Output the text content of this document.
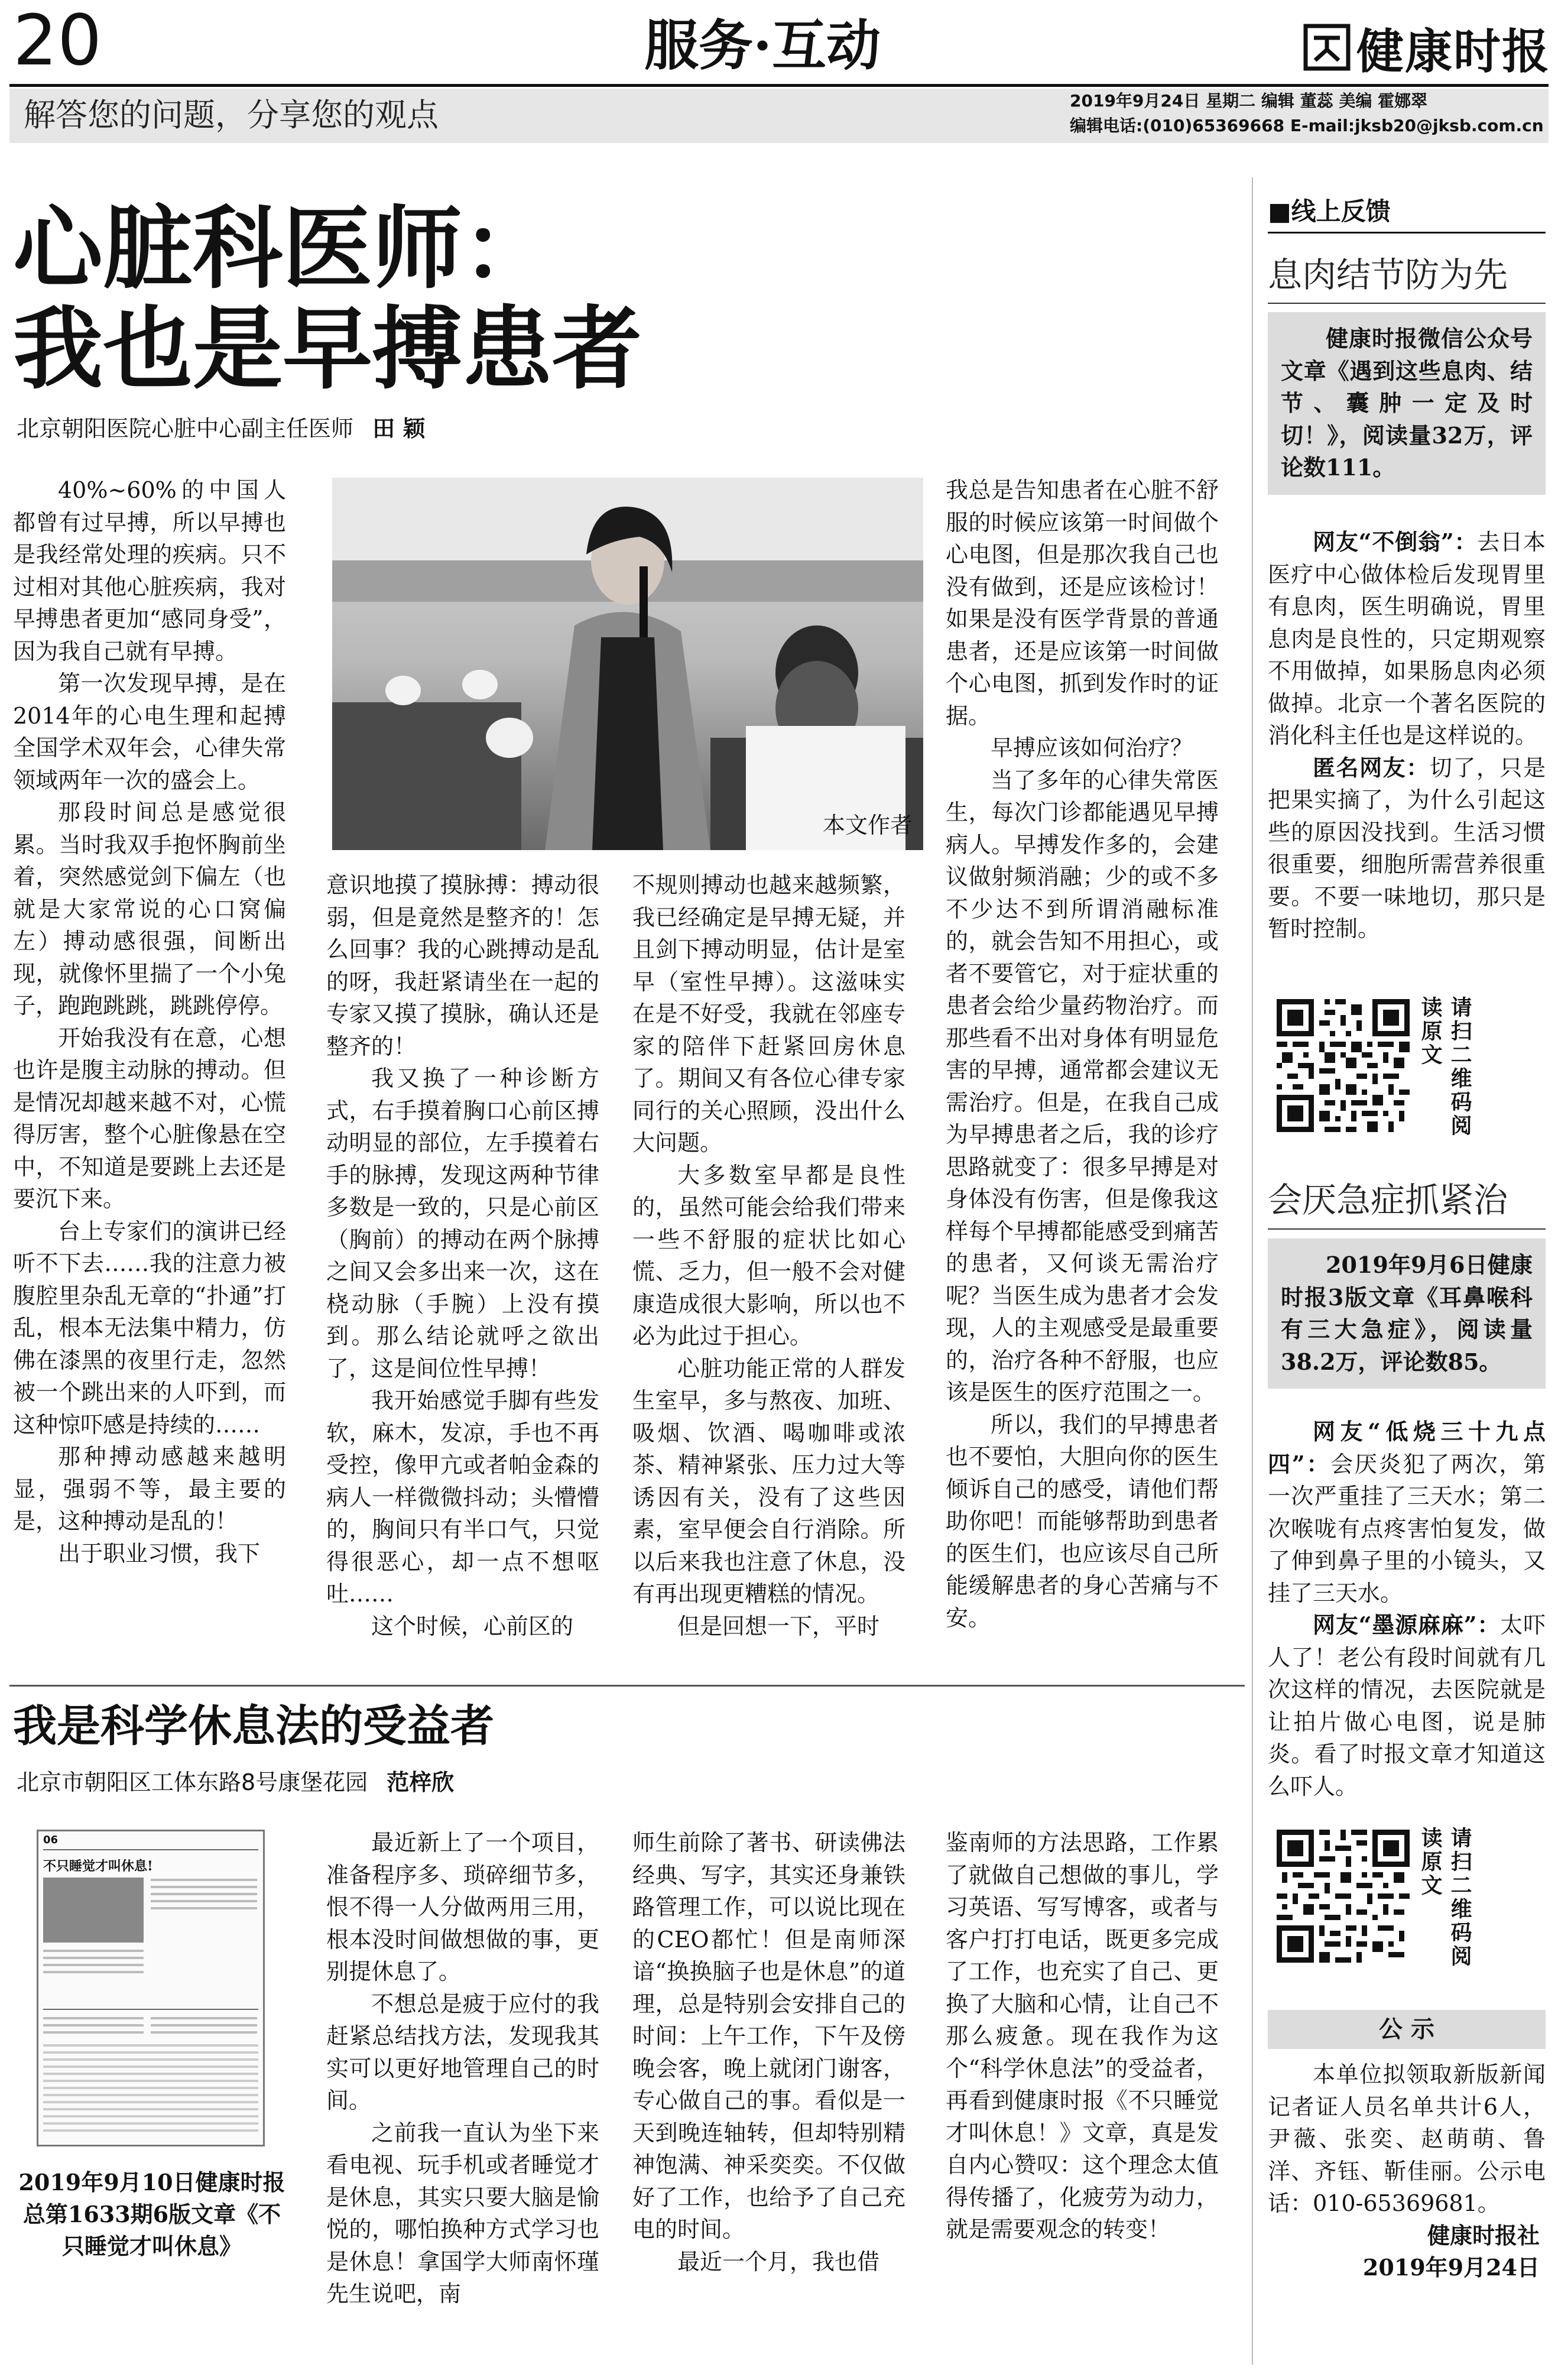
20	服务·互动	健康时报
解答您的问题，分享您的观点	2019年9月24日 星期二 编辑 董蕊 美编 霍娜翠
编辑电话:(010)65369668 E-mail:jksb20@jksb.com.cn
心脏科医师：
我也是早搏患者
北京朝阳医院心脏中心副主任医师 田 颖
本文作者

40%~60%的中国人都曾有过早搏，所以早搏也是我经常处理的疾病。只不过相对其他心脏疾病，我对早搏患者更加“感同身受”，因为我自己就有早搏。

第一次发现早搏，是在2014年的心电生理和起搏全国学术双年会，心律失常领域两年一次的盛会上。

那段时间总是感觉很累。当时我双手抱怀胸前坐着，突然感觉剑下偏左（也就是大家常说的心口窝偏左）搏动感很强，间断出现，就像怀里揣了一个小兔子，跑跑跳跳，跳跳停停。

开始我没有在意，心想也许是腹主动脉的搏动。但是情况却越来越不对，心慌得厉害，整个心脏像悬在空中，不知道是要跳上去还是要沉下来。

台上专家们的演讲已经听不下去……我的注意力被腹腔里杂乱无章的“扑通”打乱，根本无法集中精力，仿佛在漆黑的夜里行走，忽然被一个跳出来的人吓到，而这种惊吓感是持续的……

那种搏动感越来越明显，强弱不等，最主要的是，这种搏动是乱的！

出于职业习惯，我下

意识地摸了摸脉搏：搏动很弱，但是竟然是整齐的！怎么回事？我的心跳搏动是乱的呀，我赶紧请坐在一起的专家又摸了摸脉，确认还是整齐的！

我又换了一种诊断方式，右手摸着胸口心前区搏动明显的部位，左手摸着右手的脉搏，发现这两种节律多数是一致的，只是心前区（胸前）的搏动在两个脉搏之间又会多出来一次，这在桡动脉（手腕）上没有摸到。那么结论就呼之欲出了，这是间位性早搏！

我开始感觉手脚有些发软，麻木，发凉，手也不再受控，像甲亢或者帕金森的病人一样微微抖动；头懵懵的，胸间只有半口气，只觉得很恶心，却一点不想呕吐……

这个时候，心前区的

不规则搏动也越来越频繁，我已经确定是早搏无疑，并且剑下搏动明显，估计是室早（室性早搏）。这滋味实在是不好受，我就在邻座专家的陪伴下赶紧回房休息了。期间又有各位心律专家同行的关心照顾，没出什么大问题。

大多数室早都是良性的，虽然可能会给我们带来一些不舒服的症状比如心慌、乏力，但一般不会对健康造成很大影响，所以也不必为此过于担心。

心脏功能正常的人群发生室早，多与熬夜、加班、吸烟、饮酒、喝咖啡或浓茶、精神紧张、压力过大等诱因有关，没有了这些因素，室早便会自行消除。所以后来我也注意了休息，没有再出现更糟糕的情况。

但是回想一下，平时

我总是告知患者在心脏不舒服的时候应该第一时间做个心电图，但是那次我自己也没有做到，还是应该检讨！如果是没有医学背景的普通患者，还是应该第一时间做个心电图，抓到发作时的证据。

早搏应该如何治疗？

当了多年的心律失常医生，每次门诊都能遇见早搏病人。早搏发作多的，会建议做射频消融；少的或不多不少达不到所谓消融标准的，就会告知不用担心，或者不要管它，对于症状重的患者会给少量药物治疗。而那些看不出对身体有明显危害的早搏，通常都会建议无需治疗。但是，在我自己成为早搏患者之后，我的诊疗思路就变了：很多早搏是对身体没有伤害，但是像我这样每个早搏都能感受到痛苦的患者，又何谈无需治疗呢？当医生成为患者才会发现，人的主观感受是最重要的，治疗各种不舒服，也应该是医生的医疗范围之一。

所以，我们的早搏患者也不要怕，大胆向你的医生倾诉自己的感受，请他们帮助你吧！而能够帮助到患者的医生们，也应该尽自己所能缓解患者的身心苦痛与不安。

我是科学休息法的受益者
北京市朝阳区工体东路8号康堡花园 范梓欣
06
不只睡觉才叫休息!
2019年9月10日健康时报总第1633期6版文章《不只睡觉才叫休息》

最近新上了一个项目，准备程序多、琐碎细节多，恨不得一人分做两用三用，根本没时间做想做的事，更别提休息了。

不想总是疲于应付的我赶紧总结找方法，发现我其实可以更好地管理自己的时间。

之前我一直认为坐下来看电视、玩手机或者睡觉才是休息，其实只要大脑是愉悦的，哪怕换种方式学习也是休息！拿国学大师南怀瑾先生说吧，南

师生前除了著书、研读佛法经典、写字，其实还身兼铁路管理工作，可以说比现在的CEO都忙！但是南师深谙“换换脑子也是休息”的道理，总是特别会安排自己的时间：上午工作，下午及傍晚会客，晚上就闭门谢客，专心做自己的事。看似是一天到晚连轴转，但却特别精神饱满、神采奕奕。不仅做好了工作，也给予了自己充电的时间。

最近一个月，我也借

鉴南师的方法思路，工作累了就做自己想做的事儿，学习英语、写写博客，或者与客户打打电话，既更多完成了工作，也充实了自己、更换了大脑和心情，让自己不那么疲惫。现在我作为这个“科学休息法”的受益者，再看到健康时报《不只睡觉才叫休息！》文章，真是发自内心赞叹：这个理念太值得传播了，化疲劳为动力，就是需要观念的转变！

■线上反馈
息肉结节防为先

健康时报微信公众号文章《遇到这些息肉、结节、囊肿一定及时切！》，阅读量32万，评论数111。

网友“不倒翁”：去日本医疗中心做体检后发现胃里有息肉，医生明确说，胃里息肉是良性的，只定期观察不用做掉，如果肠息肉必须做掉。北京一个著名医院的消化科主任也是这样说的。

匿名网友：切了，只是把果实摘了，为什么引起这些的原因没找到。生活习惯很重要，细胞所需营养很重要。不要一味地切，那只是暂时控制。

请扫二维码阅读原文
会厌急症抓紧治

2019年9月6日健康时报3版文章《耳鼻喉科有三大急症》，阅读量38.2万，评论数85。

网友“低烧三十九点四”：会厌炎犯了两次，第一次严重挂了三天水；第二次喉咙有点疼害怕复发，做了伸到鼻子里的小镜头，又挂了三天水。

网友“墨源麻麻”：太吓人了！老公有段时间就有几次这样的情况，去医院就是让拍片做心电图，说是肺炎。看了时报文章才知道这么吓人。

请扫二维码阅读原文
公 示

本单位拟领取新版新闻记者证人员名单共计6人，尹薇、张奕、赵萌萌、鲁洋、齐钰、靳佳丽。公示电话：010-65369681。

健康时报社
2019年9月24日
